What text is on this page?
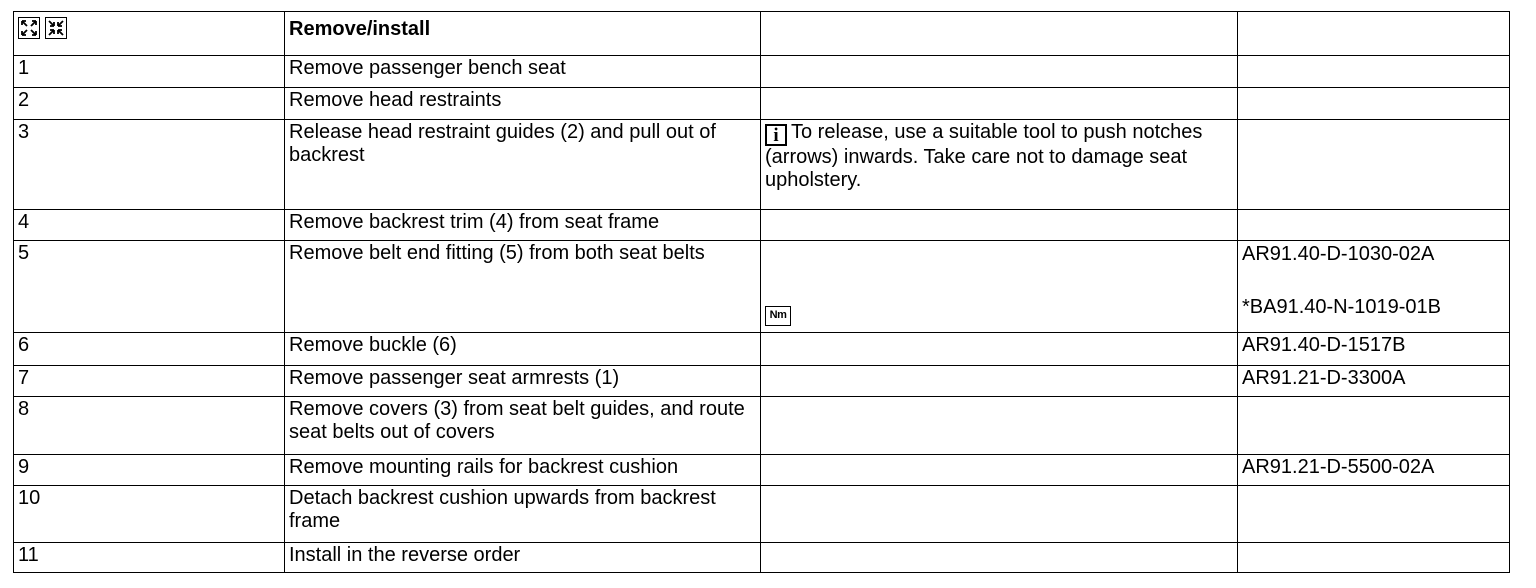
	Remove/install		
1	Remove passenger bench seat		
2	Remove head restraints		
3	Release head restraint guides (2) and pull out of backrest	i To release, use a suitable tool to push notches (arrows) inwards. Take care not to damage seat upholstery.	
4	Remove backrest trim (4) from seat frame		
5	Remove belt end fitting (5) from both seat belts	Nm	AR91.40-D-1030-02A
*BA91.40-N-1019-01B

6	Remove buckle (6)		AR91.40-D-1517B
7	Remove passenger seat armrests (1)		AR91.21-D-3300A
8	Remove covers (3) from seat belt guides, and route seat belts out of covers		
9	Remove mounting rails for backrest cushion		AR91.21-D-5500-02A
10	Detach backrest cushion upwards from backrest frame		
11	Install in the reverse order		
